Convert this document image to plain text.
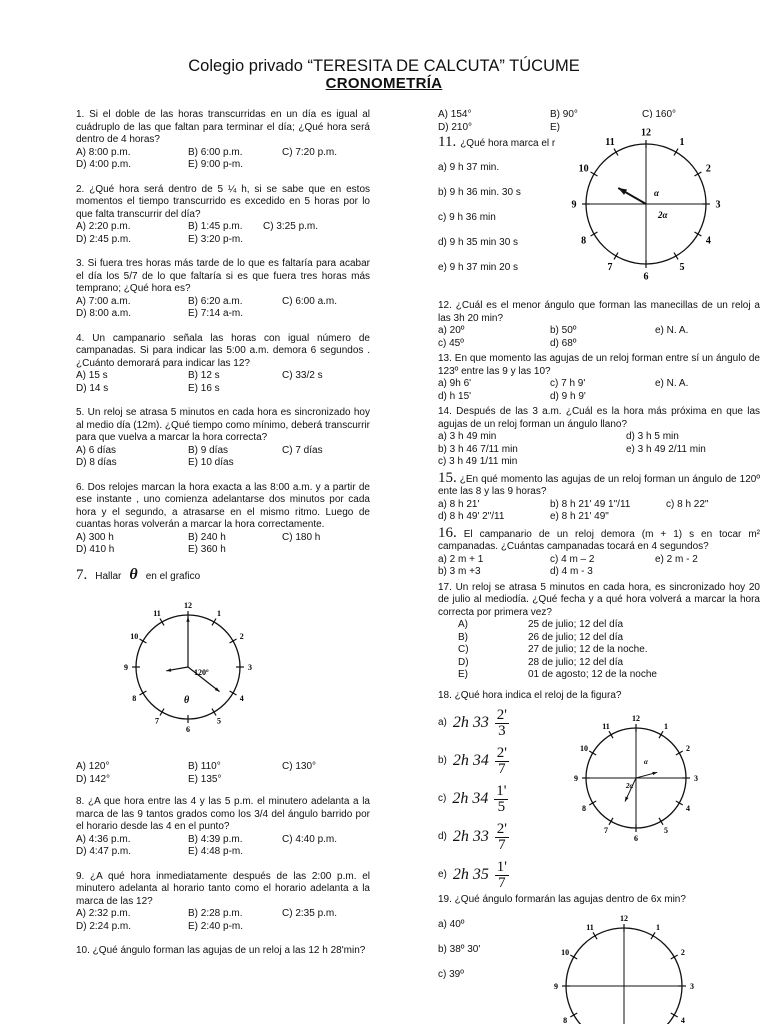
Colegio privado “TERESITA DE CALCUTA” TÚCUME
CRONOMETRÍA
1. Si el doble de las horas transcurridas en un día es igual al cuádruplo de las que faltan para terminar el día; ¿Qué hora será dentro de 4 horas?
A) 8:00 p.m.	B) 6:00 p.m.	C) 7:20 p.m.
D) 4:00 p.m.	E) 9:00 p-m.
2. ¿Qué hora será dentro de 5 ¼ h, si se sabe que en estos momentos el tiempo transcurrido es excedido en 5 horas por lo que falta transcurrir del día?
A) 2:20 p.m.	B) 1:45 p.m.	C) 3:25 p.m.
D) 2:45 p.m.	E) 3:20 p-m.
3. Si fuera tres horas más tarde de lo que es faltaría para acabar el día los 5/7 de lo que faltaría si es que fuera tres horas más temprano; ¿Qué hora es?
A) 7:00 a.m.	B) 6:20 a.m.	C) 6:00 a.m.
D) 8:00 a.m.	E) 7:14 a-m.
4. Un campanario señala las horas con igual número de campanadas. Si para indicar las 5:00 a.m. demora 6 segundos . ¿Cuánto demorará para indicar las 12?
A) 15 s	B) 12 s	C) 33/2 s
D) 14 s	E) 16 s
5. Un reloj se atrasa 5 minutos en cada hora es sincronizado hoy al medio día (12m). ¿Qué tiempo como mínimo, deberá transcurrir para que vuelva a marcar la hora correcta?
A) 6 días	B) 9 días	C) 7 días
D) 8 días	E) 10 días
6. Dos relojes marcan la hora exacta a las 8:00 a.m. y a partir de ese instante , uno comienza adelantarse dos minutos por cada hora y el segundo, a atrasarse en el mismo ritmo. Luego de cuantas horas volverán a marcar la hora correctamente.
A) 300 h	B) 240 h	C) 180 h
D) 410 h	E) 360 h
7. Hallar θ en el grafico
12
1
2
3
4
5
6
7
8
9
10
11
120º
θ
A) 120°	B) 110°	C) 130°
D) 142°	E) 135°
8. ¿A que hora entre las 4 y las 5 p.m. el minutero adelanta a la marca de las 9 tantos grados como los 3/4 del ángulo barrido por el horario desde las 4 en el punto?
A) 4:36 p.m.	B) 4:39 p.m.	C) 4:40 p.m.
D) 4:47 p.m.	E) 4:48 p-m.
9. ¿A qué hora inmediatamente después de las 2:00 p.m. el minutero adelanta al horario tanto como el horario adelanta a la marca de las 12?
A) 2:32 p.m.	B) 2:28 p.m.	C) 2:35 p.m.
D) 2:24 p.m.	E) 2:40 p-m.
10. ¿Qué ángulo forman las agujas de un reloj a las 12 h 28'min?
A) 154°	B) 90°	C) 160°
D) 210°	E) 180°
11. ¿Qué hora marca el r
a) 9 h 37 min.
b) 9 h 36 min. 30 s
c) 9 h 36 min
d) 9 h 35 min 30 s
e) 9 h 37 min 20 s
12
1
2
3
4
5
6
7
8
9
10
11
α
2α
12. ¿Cuál es el menor ángulo que forman las manecillas de un reloj a las 3h 20 min?
a) 20º	b) 50º	e) N. A.
c) 45º	d) 68º
13. En que momento las agujas de un reloj forman entre sí un ángulo de 123º entre las 9 y las 10?
a) 9h 6'	c) 7 h 9'	e) N. A.
d) h 15'	d) 9 h 9'
14. Después de las 3 a.m. ¿Cuál es la hora más próxima en que las agujas de un reloj forman un ángulo llano?
a) 3 h 49 min	d) 3 h 5 min
b) 3 h 46 7/11 min	e) 3 h 49 2/11 min
c) 3 h 49 1/11 min
15. ¿En qué momento las agujas de un reloj forman un ángulo de 120º ente las 8 y las 9 horas?
a) 8 h 21'	b) 8 h 21' 49 1"/11	c) 8 h 22"
d) 8 h 49' 2"/11	e) 8 h 21' 49"
16. El campanario de un reloj demora (m + 1) s en tocar m² campanadas. ¿Cuántas campanadas tocará en 4 segundos?
a) 2 m + 1	c) 4 m – 2	e) 2 m - 2
b) 3 m +3	d) 4 m - 3
17. Un reloj se atrasa 5 minutos en cada hora, es sincronizado hoy 20 de julio al mediodía. ¿Qué fecha y a qué hora volverá a marcar la hora correcta por primera vez?
A)	25 de julio; 12 del día
B)	26 de julio; 12 del día
C)	27 de julio; 12 de la noche.
D)	28 de julio; 12 del día
E)	01 de agosto; 12 de la noche
18. ¿Qué hora indica el reloj de la figura?
a) 2h $33 \frac{2'}{3}$
b) 2h $34 \frac{2'}{7}$
c) 2h $34 \frac{1'}{5}$
d) 2h $33 \frac{2'}{7}$
e) 2h $35 \frac{1'}{7}$
12
1
2
3
4
5
6
7
8
9
10
11
α
2α
19. ¿Qué ángulo formarán las agujas dentro de 6x min?
a) 40º
b) 38º 30'
c) 39º
12
1
2
3
4
8
9
10
11
